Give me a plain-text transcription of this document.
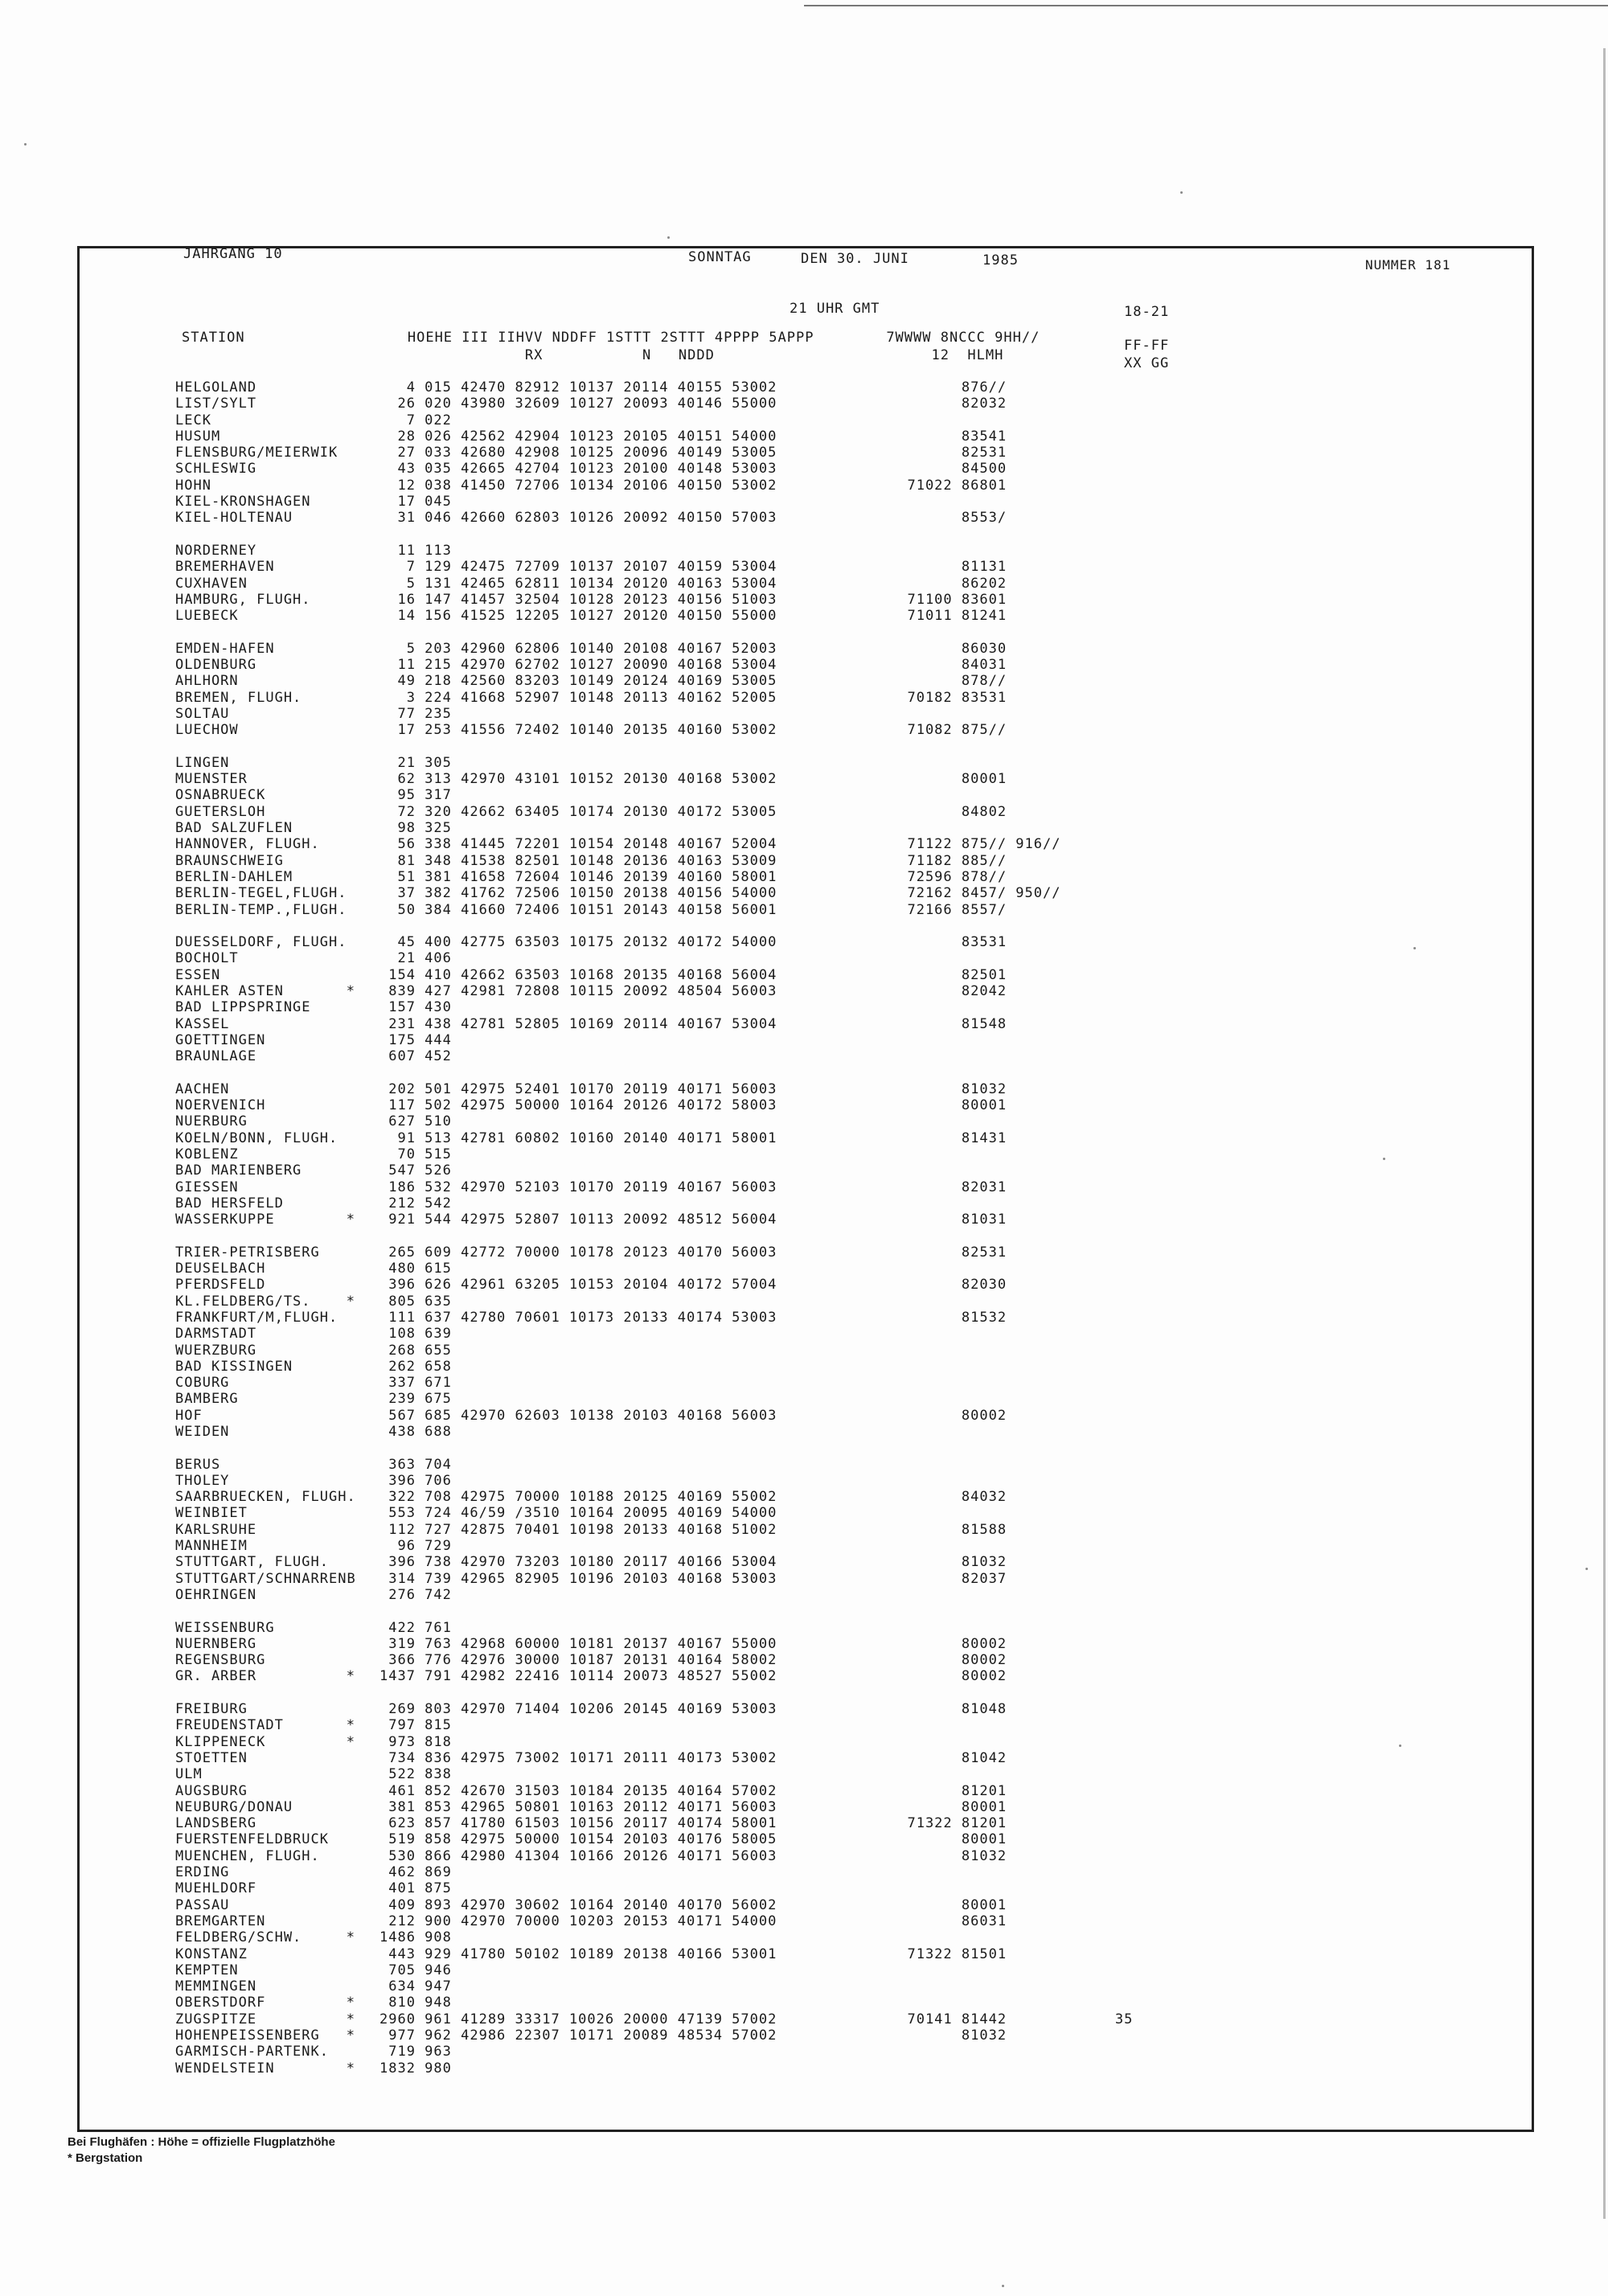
JAHRGANG 10	SONNTAG	DEN 30. JUNI	1985	NUMMER 181
21 UHR GMT	18-21
STATION                  HOEHE III IIHVV NDDFF 1STTT 2STTT 4PPPP 5APPP        7WWWW 8NCCC 9HH//
RX           N   NDDD                        12  HLMH
FF-FF
XX GG
HELGOLAND	4 015 42470 82912 10137 20114 40155 53002	876//
LIST/SYLT	26 020 43980 32609 10127 20093 40146 55000	82032
LECK	7 022
HUSUM	28 026 42562 42904 10123 20105 40151 54000	83541
FLENSBURG/MEIERWIK	27 033 42680 42908 10125 20096 40149 53005	82531
SCHLESWIG	43 035 42665 42704 10123 20100 40148 53003	84500
HOHN	12 038 41450 72706 10134 20106 40150 53002	71022 86801
KIEL-KRONSHAGEN	17 045
KIEL-HOLTENAU	31 046 42660 62803 10126 20092 40150 57003	8553/
NORDERNEY	11 113
BREMERHAVEN	7 129 42475 72709 10137 20107 40159 53004	81131
CUXHAVEN	5 131 42465 62811 10134 20120 40163 53004	86202
HAMBURG, FLUGH.	16 147 41457 32504 10128 20123 40156 51003	71100 83601
LUEBECK	14 156 41525 12205 10127 20120 40150 55000	71011 81241
EMDEN-HAFEN	5 203 42960 62806 10140 20108 40167 52003	86030
OLDENBURG	11 215 42970 62702 10127 20090 40168 53004	84031
AHLHORN	49 218 42560 83203 10149 20124 40169 53005	878//
BREMEN, FLUGH.	3 224 41668 52907 10148 20113 40162 52005	70182 83531
SOLTAU	77 235
LUECHOW	17 253 41556 72402 10140 20135 40160 53002	71082 875//
LINGEN	21 305
MUENSTER	62 313 42970 43101 10152 20130 40168 53002	80001
OSNABRUECK	95 317
GUETERSLOH	72 320 42662 63405 10174 20130 40172 53005	84802
BAD SALZUFLEN	98 325
HANNOVER, FLUGH.	56 338 41445 72201 10154 20148 40167 52004	71122 875// 916//
BRAUNSCHWEIG	81 348 41538 82501 10148 20136 40163 53009	71182 885//
BERLIN-DAHLEM	51 381 41658 72604 10146 20139 40160 58001	72596 878//
BERLIN-TEGEL,FLUGH.	37 382 41762 72506 10150 20138 40156 54000	72162 8457/ 950//
BERLIN-TEMP.,FLUGH.	50 384 41660 72406 10151 20143 40158 56001	72166 8557/
DUESSELDORF, FLUGH.	45 400 42775 63503 10175 20132 40172 54000	83531
BOCHOLT	21 406
ESSEN	154 410 42662 63503 10168 20135 40168 56004	82501
KAHLER ASTEN	* 839 427 42981 72808 10115 20092 48504 56003	82042
BAD LIPPSPRINGE	157 430
KASSEL	231 438 42781 52805 10169 20114 40167 53004	81548
GOETTINGEN	175 444
BRAUNLAGE	607 452
AACHEN	202 501 42975 52401 10170 20119 40171 56003	81032
NOERVENICH	117 502 42975 50000 10164 20126 40172 58003	80001
NUERBURG	627 510
KOELN/BONN, FLUGH.	91 513 42781 60802 10160 20140 40171 58001	81431
KOBLENZ	70 515
BAD MARIENBERG	547 526
GIESSEN	186 532 42970 52103 10170 20119 40167 56003	82031
BAD HERSFELD	212 542
WASSERKUPPE	* 921 544 42975 52807 10113 20092 48512 56004	81031
TRIER-PETRISBERG	265 609 42772 70000 10178 20123 40170 56003	82531
DEUSELBACH	480 615
PFERDSFELD	396 626 42961 63205 10153 20104 40172 57004	82030
KL.FELDBERG/TS.	* 805 635
FRANKFURT/M,FLUGH.	111 637 42780 70601 10173 20133 40174 53003	81532
DARMSTADT	108 639
WUERZBURG	268 655
BAD KISSINGEN	262 658
COBURG	337 671
BAMBERG	239 675
HOF	567 685 42970 62603 10138 20103 40168 56003	80002
WEIDEN	438 688
BERUS	363 704
THOLEY	396 706
SAARBRUECKEN, FLUGH.	322 708 42975 70000 10188 20125 40169 55002	84032
WEINBIET	553 724 46/59 /3510 10164 20095 40169 54000
KARLSRUHE	112 727 42875 70401 10198 20133 40168 51002	81588
MANNHEIM	96 729
STUTTGART, FLUGH.	396 738 42970 73203 10180 20117 40166 53004	81032
STUTTGART/SCHNARRENB	314 739 42965 82905 10196 20103 40168 53003	82037
OEHRINGEN	276 742
WEISSENBURG	422 761
NUERNBERG	319 763 42968 60000 10181 20137 40167 55000	80002
REGENSBURG	366 776 42976 30000 10187 20131 40164 58002	80002
GR. ARBER	* 1437 791 42982 22416 10114 20073 48527 55002	80002
FREIBURG	269 803 42970 71404 10206 20145 40169 53003	81048
FREUDENSTADT	* 797 815
KLIPPENECK	* 973 818
STOETTEN	734 836 42975 73002 10171 20111 40173 53002	81042
ULM	522 838
AUGSBURG	461 852 42670 31503 10184 20135 40164 57002	81201
NEUBURG/DONAU	381 853 42965 50801 10163 20112 40171 56003	80001
LANDSBERG	623 857 41780 61503 10156 20117 40174 58001	71322 81201
FUERSTENFELDBRUCK	519 858 42975 50000 10154 20103 40176 58005	80001
MUENCHEN, FLUGH.	530 866 42980 41304 10166 20126 40171 56003	81032
ERDING	462 869
MUEHLDORF	401 875
PASSAU	409 893 42970 30602 10164 20140 40170 56002	80001
BREMGARTEN	212 900 42970 70000 10203 20153 40171 54000	86031
FELDBERG/SCHW.	* 1486 908
KONSTANZ	443 929 41780 50102 10189 20138 40166 53001	71322 81501
KEMPTEN	705 946
MEMMINGEN	634 947
OBERSTDORF	* 810 948
ZUGSPITZE	* 2960 961 41289 33317 10026 20000 47139 57002	70141 81442            35
HOHENPEISSENBERG	* 977 962 42986 22307 10171 20089 48534 57002	81032
GARMISCH-PARTENK.	719 963
WENDELSTEIN	* 1832 980
Bei Flughäfen : Höhe = offizielle Flugplatzhöhe
* Bergstation
